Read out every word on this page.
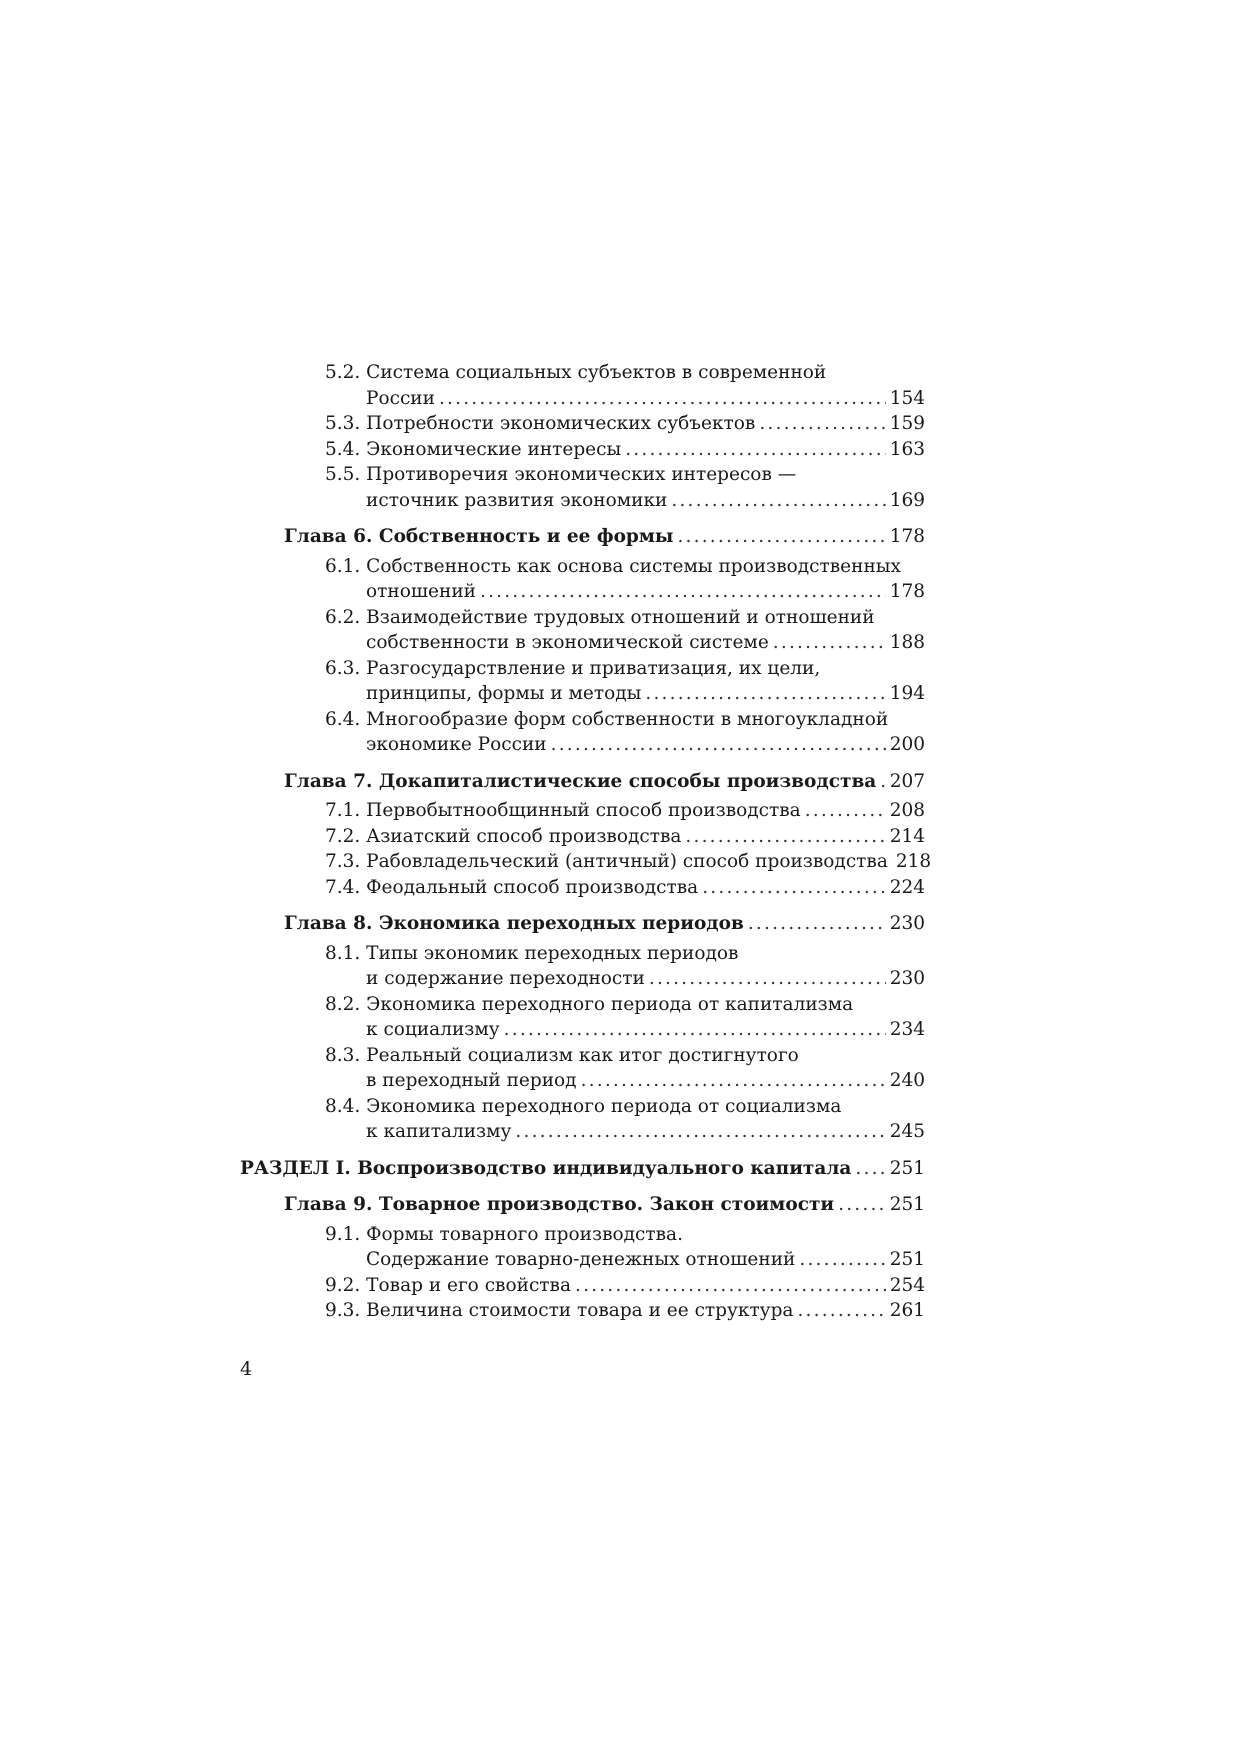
5.2. Система социальных субъектов в современной
России .....	154
5.3. Потребности экономических субъектов .....	159
5.4. Экономические интересы .....	163
5.5. Противоречия экономических интересов —
источник развития экономики .....	169
Глава 6. Собственность и ее формы .....	178
6.1. Собственность как основа системы производственных
отношений .....	178
6.2. Взаимодействие трудовых отношений и отношений
собственности в экономической системе .....	188
6.3. Разгосударствление и приватизация, их цели,
принципы, формы и методы .....	194
6.4. Многообразие форм собственности в многоукладной
экономике России .....	200
Глава 7. Докапиталистические способы производства ..... 207
7.1. Первобытнообщинный способ производства .....	208
7.2. Азиатский способ производства .....	214
7.3. Рабовладельческий (античный) способ производства 218
7.4. Феодальный способ производства .....	224
Глава 8. Экономика переходных периодов .....	230
8.1. Типы экономик переходных периодов
и содержание переходности .....	230
8.2. Экономика переходного периода от капитализма
к социализму .....	234
8.3. Реальный социализм как итог достигнутого
в переходный период .....	240
8.4. Экономика переходного периода от социализма
к капитализму .....	245
РАЗДЕЛ I. Воспроизводство индивидуального капитала ..... 251
Глава 9. Товарное производство. Закон стоимости .....	251
9.1. Формы товарного производства.
Содержание товарно-денежных отношений .....	251
9.2. Товар и его свойства .....	254
9.3. Величина стоимости товара и ее структура .....	261
4
